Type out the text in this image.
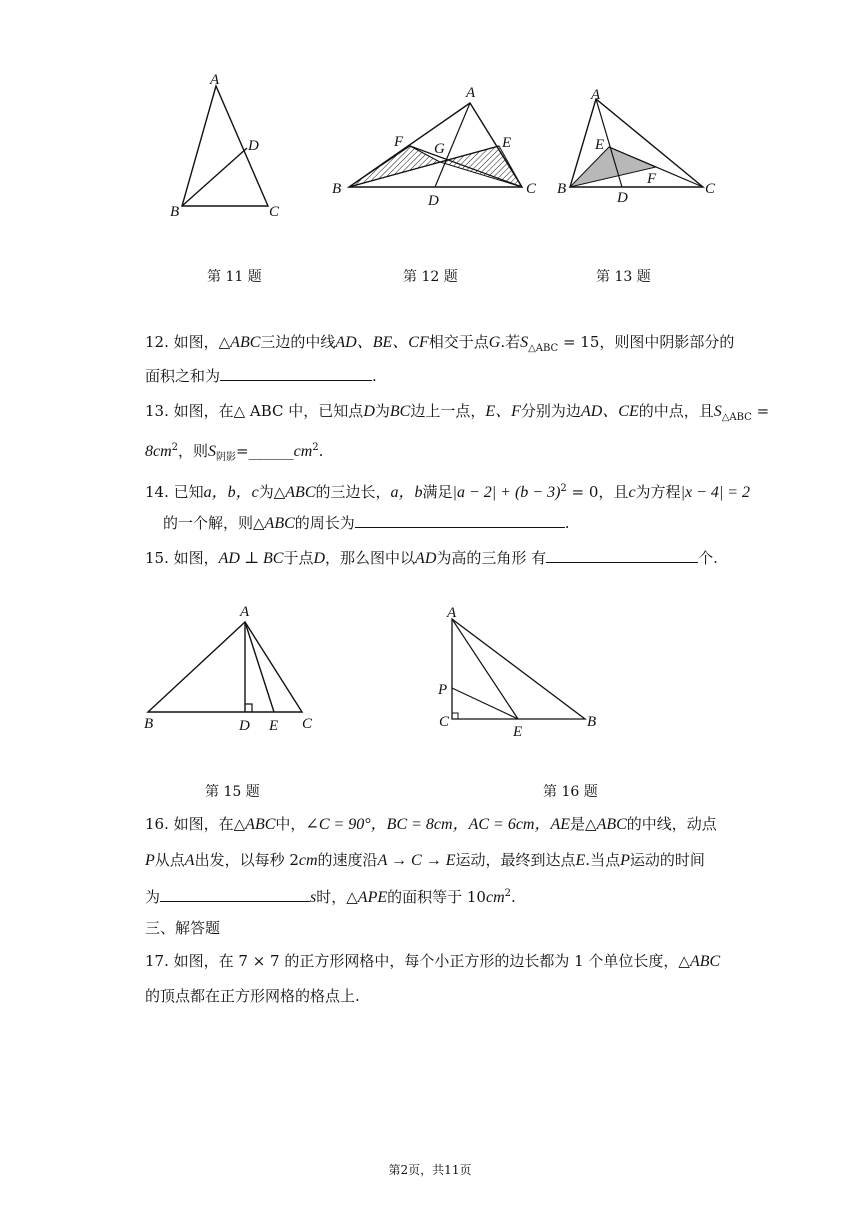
A
B	C
D
A
B	C
D
E
F G
A
B	C
D
E
F
第 11 题	第 12 题	第 13 题
12. 如图，△ABC三边的中线AD、BE、CF相交于点G.若$S_{\triangle ABC} = 15$，则图中阴影部分的
面积之和为	.
13. 如图，在△ ABC 中，已知点D为BC边上一点，E、F分别为边AD、CE的中点，且$S_{\triangle ABC}$ =
$8cm^2$，则$S_{阴影}=\_\_\_\_\_\_cm^2$.
14. 已知a，b，c为△ABC的三边长，a，b满足$|a - 2| + (b - 3)^2 = 0$，且c为方程|x − 4| = 2
的一个解，则△ABC的周长为	.
15. 如图，AD ⊥ BC于点D，那么图中以AD为高的三角形 有	个.
A
B	C
D E
A
P
C
E
B
第 15 题	第 16 题
16. 如图，在△ABC中，∠C = 90°，BC = 8cm，AC = 6cm，AE是△ABC的中线，动点
P从点A出发，以每秒 2cm的速度沿A → C → E运动，最终到达点E.当点P运动的时间
为	s时，△APE的面积等于 $10cm^2$.
三、解答题
17. 如图，在 7 × 7 的正方形网格中，每个小正方形的边长都为 1 个单位长度，△ABC
的顶点都在正方形网格的格点上.
第2页，共11页
